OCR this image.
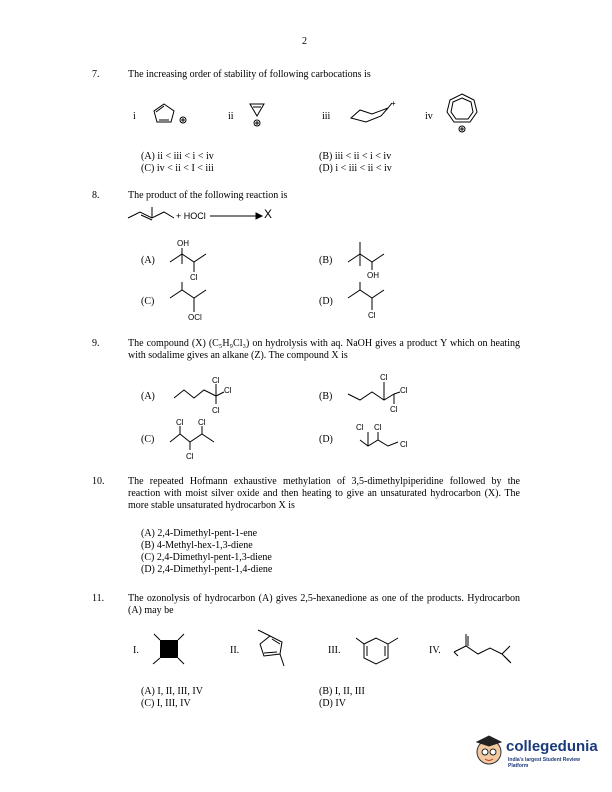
2
7.	The increasing order of stability of following carbocations is
i	ii	iii	iv
+
(A) ii < iii < i < iv	(B) iii < ii < i < iv
(C) iv < ii < I < iii	(D) i < iii < ii < iv
8.	The product of the following reaction is
+ HOCl	X
(A)
OH
Cl
(B)
OH
(C)
OCl
(D)
Cl
9.	The compound (X) (C₅H₉Cl₃) on hydrolysis with aq. NaOH gives a product Y which on heating with sodalime gives an alkane (Z). The compound X is
(A)
Cl
Cl
Cl
(B)
Cl
Cl
Cl
(C)
Cl Cl
Cl
(D)
Cl Cl
Cl
10. The repeated Hofmann exhaustive methylation of 3,5-dimethylpiperidine followed by the reaction with moist silver oxide and then heating to give an unsaturated hydrocarbon (X). The more stable unsaturated hydrocarbon X is
(A) 2,4-Dimethyl-pent-1-ene
(B) 4-Methyl-hex-1,3-diene
(C) 2,4-Dimethyl-pent-1,3-diene
(D) 2,4-Dimethyl-pent-1,4-diene
11. The ozonolysis of hydrocarbon (A) gives 2,5-hexanedione as one of the products. Hydrocarbon (A) may be
I.	II.	III.	IV.
(A) I, II, III, IV	(B) I, II, III
(C) I, III, IV	(D) IV
collegedunia
India's largest Student Review Platform
